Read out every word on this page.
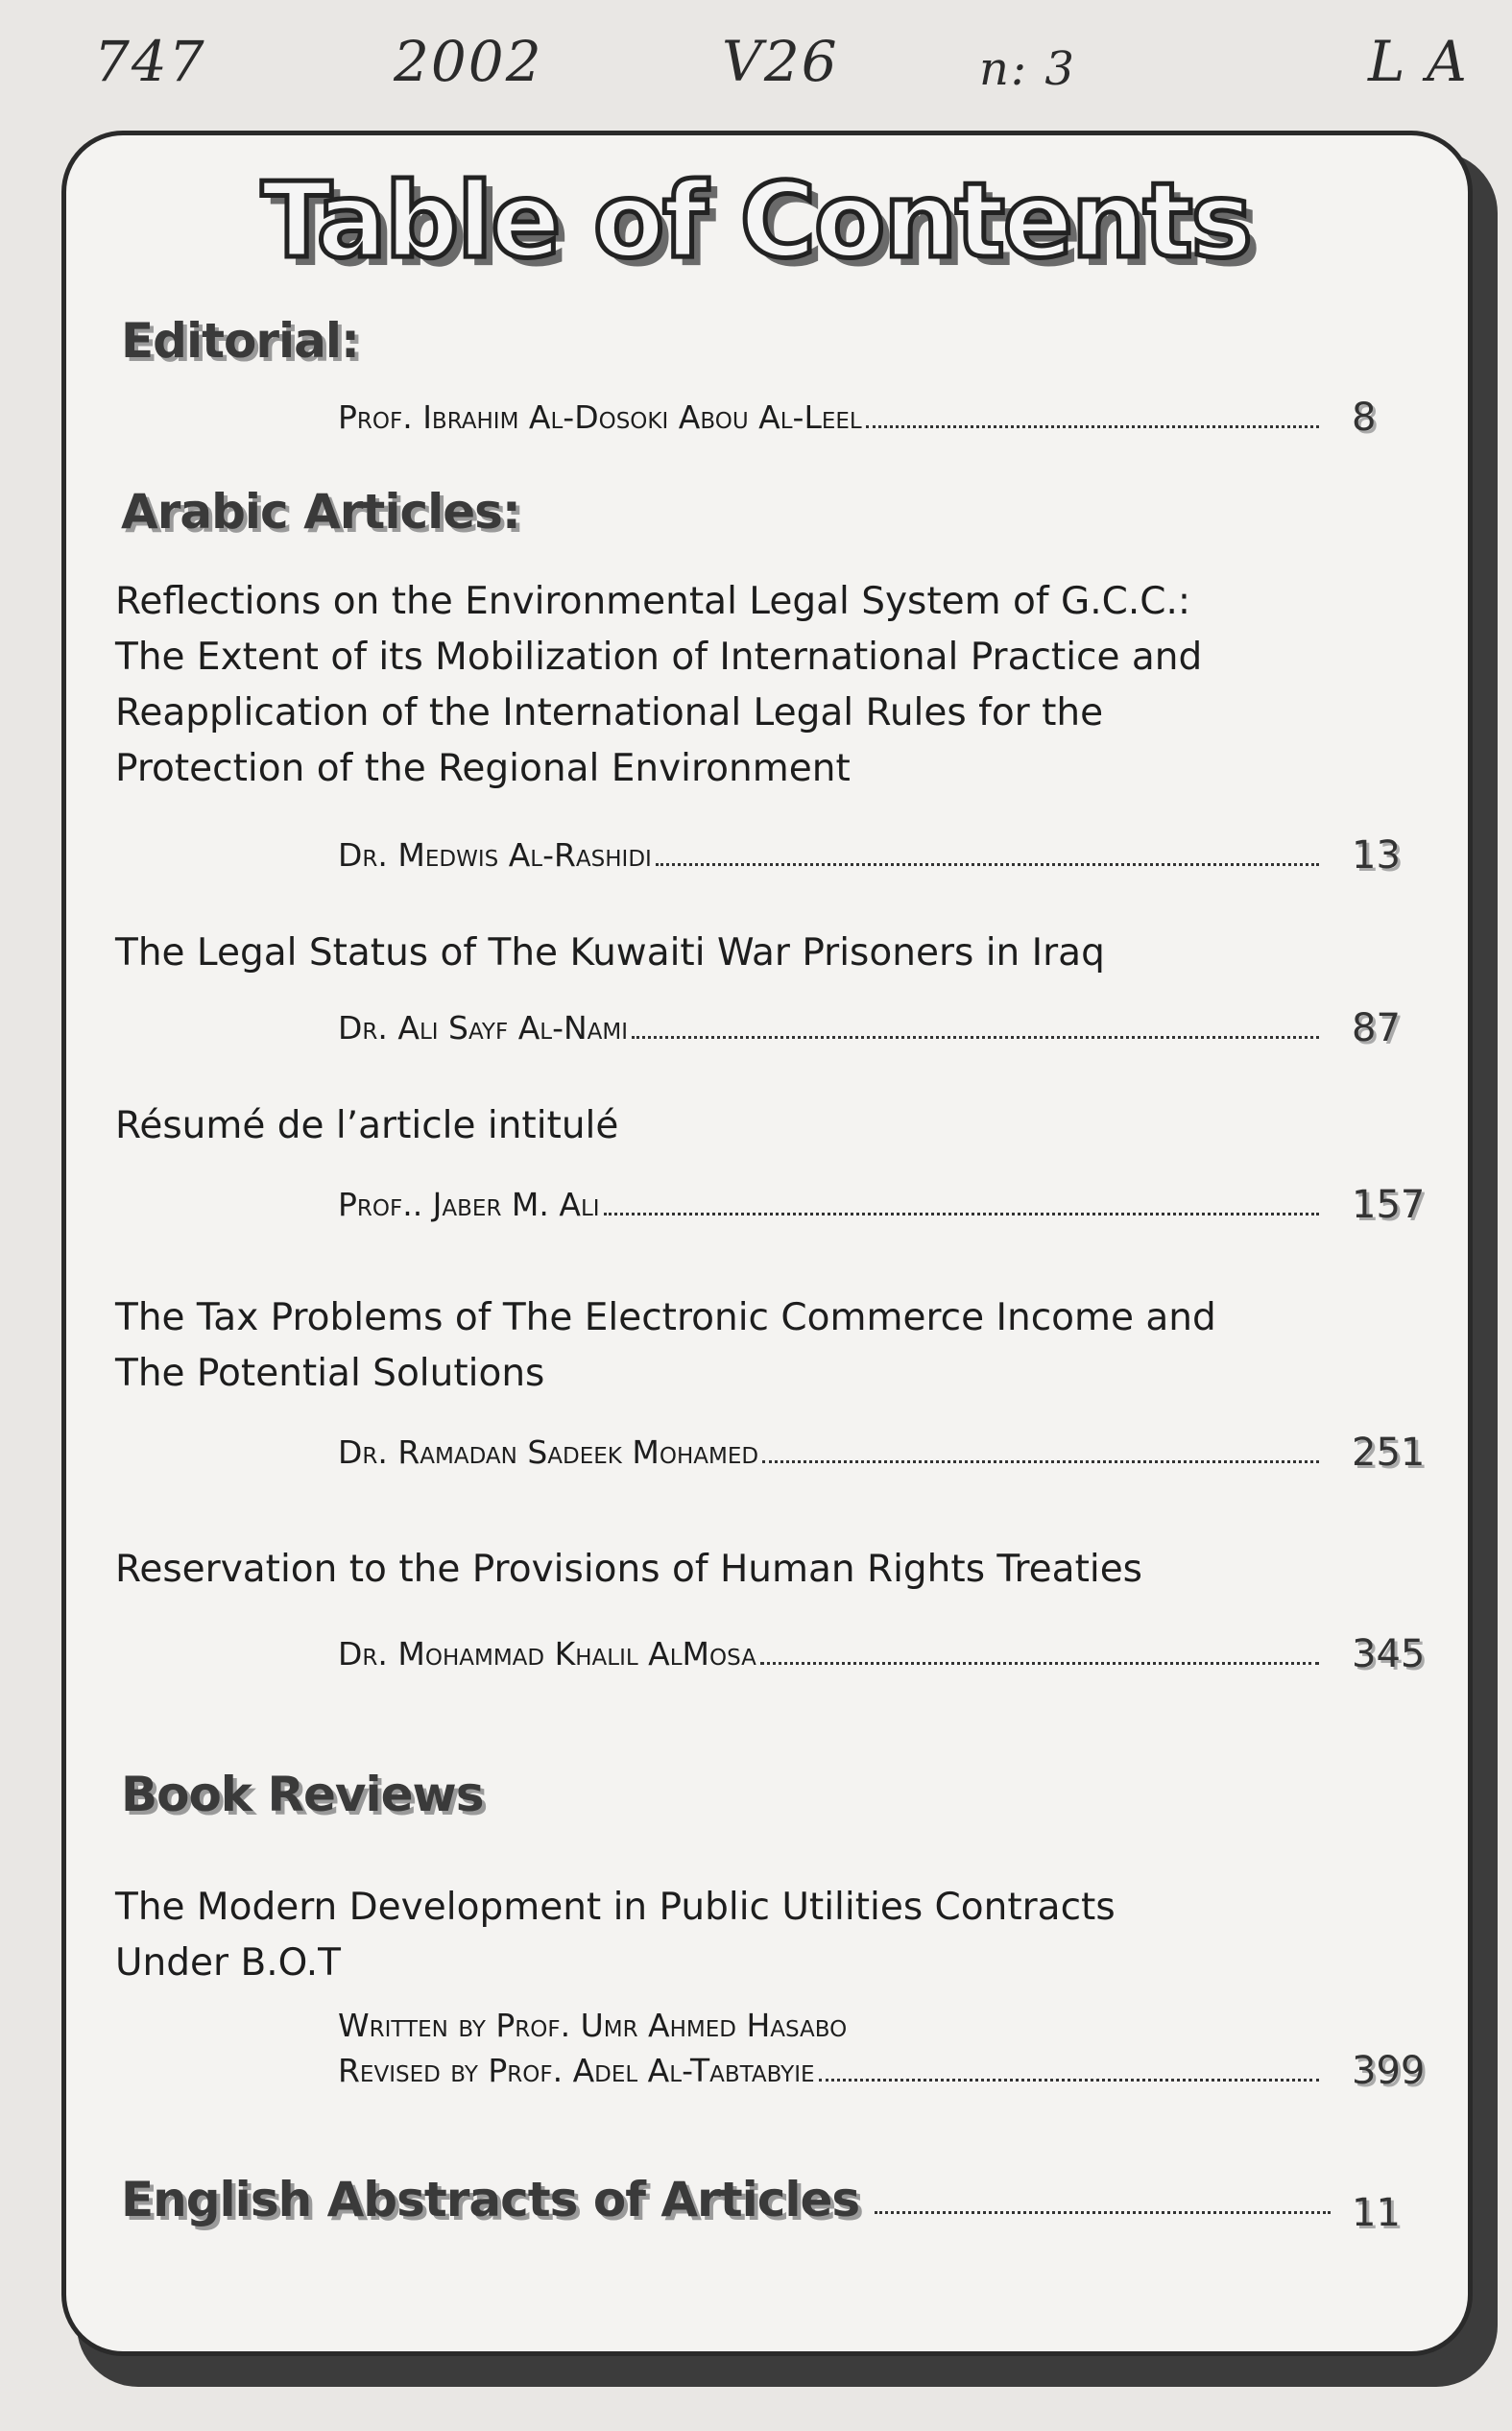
747	2002	V26	n: 3	L A
Table of Contents
Editorial:
Prof. Ibrahim Al-Dosoki Abou Al-Leel	8
Arabic Articles:
Reflections on the Environmental Legal System of G.C.C.:
The Extent of its Mobilization of International Practice and
Reapplication of the International Legal Rules for the
Protection of the Regional Environment
Dr. Medwis Al-Rashidi	13
The Legal Status of The Kuwaiti War Prisoners in Iraq
Dr. Ali Sayf Al-Nami	87
Résumé de l’article intitulé
Prof.. Jaber M. Ali	157
The Tax Problems of The Electronic Commerce Income and
The Potential Solutions
Dr. Ramadan Sadeek Mohamed	251
Reservation to the Provisions of Human Rights Treaties
Dr. Mohammad Khalil AlMosa	345
Book Reviews
The Modern Development in Public Utilities Contracts
Under B.O.T
Written by Prof. Umr Ahmed Hasabo
Revised by Prof. Adel Al-Tabtabyie	399
English Abstracts of Articles	11
